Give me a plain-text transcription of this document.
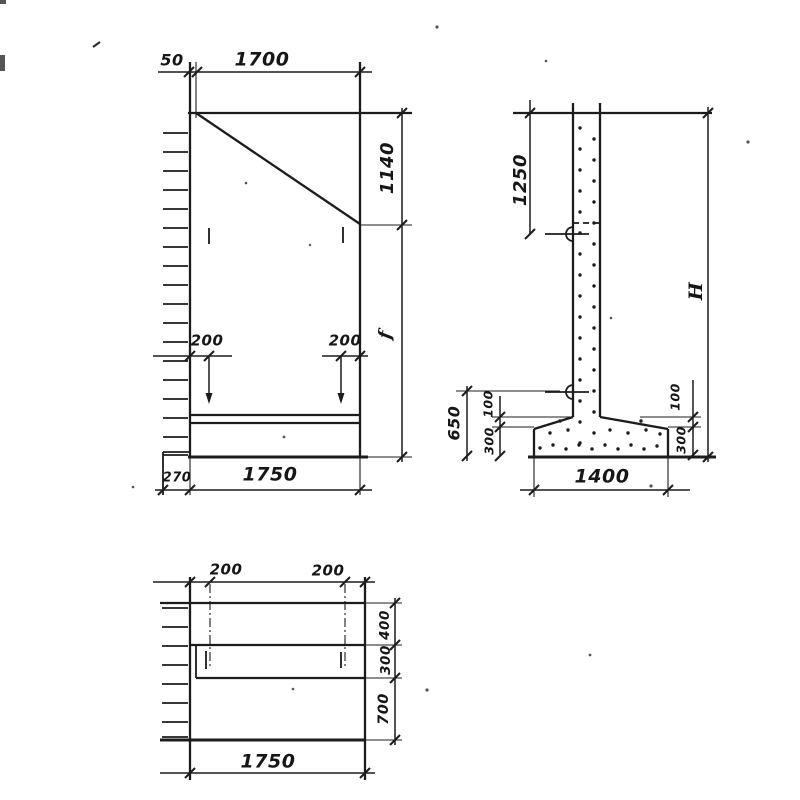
50	1700
1140
f
200	200
270	1750
1250
H
650
100
300
100
300
1400
200	200
400
300
700
1750
